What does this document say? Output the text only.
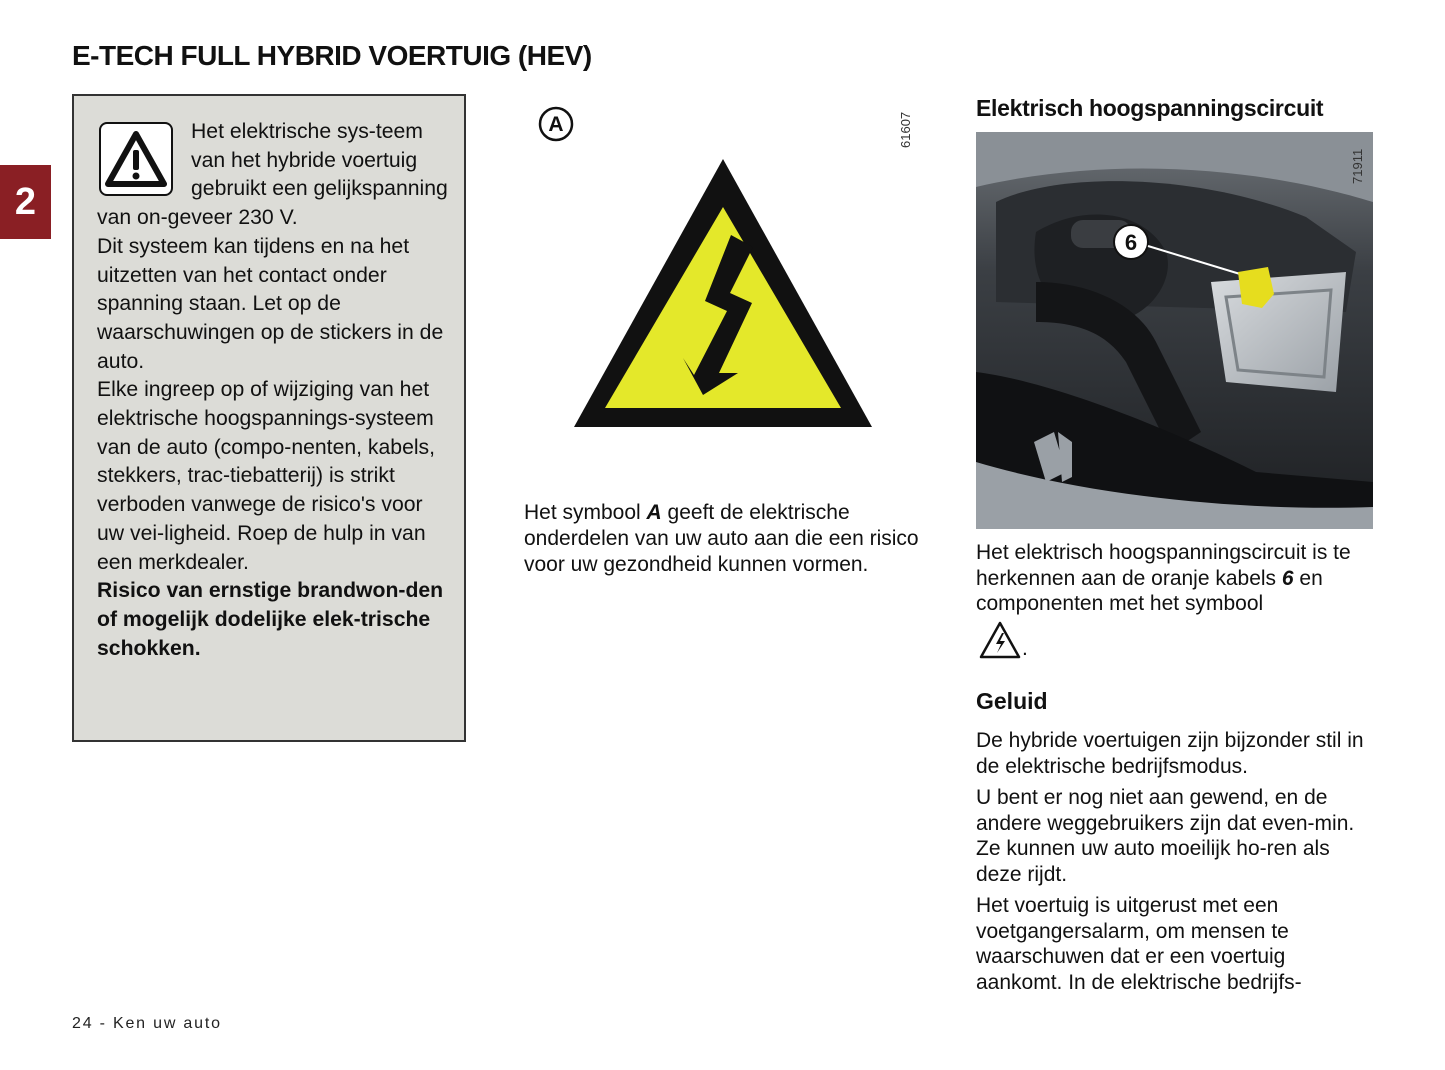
E-TECH FULL HYBRID VOERTUIG (HEV)
2

Het elektrische sys-teem van het hybride voertuig gebruikt een gelijkspanning van on-geveer 230 V.

Dit systeem kan tijdens en na het uitzetten van het contact onder spanning staan. Let op de waarschuwingen op de stickers in de auto.

Elke ingreep op of wijziging van het elektrische hoogspannings-systeem van de auto (compo-nenten, kabels, stekkers, trac-tiebatterij) is strikt verboden vanwege de risico's voor uw vei-ligheid. Roep de hulp in van een merkdealer.

Risico van ernstige brandwon-den of mogelijk dodelijke elek-trische schokken.

A	61607

Het symbool A geeft de elektrische onderdelen van uw auto aan die een risico voor uw gezondheid kunnen vormen.

Elektrisch hoogspanningscircuit
6
71911

Het elektrisch hoogspanningscircuit is te herkennen aan de oranje kabels 6 en componenten met het symbool

.
Geluid

De hybride voertuigen zijn bijzonder stil in de elektrische bedrijfsmodus.

U bent er nog niet aan gewend, en de andere weggebruikers zijn dat even-min. Ze kunnen uw auto moeilijk ho-ren als deze rijdt.

Het voertuig is uitgerust met een voetgangersalarm, om mensen te waarschuwen dat er een voertuig aankomt. In de elektrische bedrijfs-

24 - Ken uw auto
